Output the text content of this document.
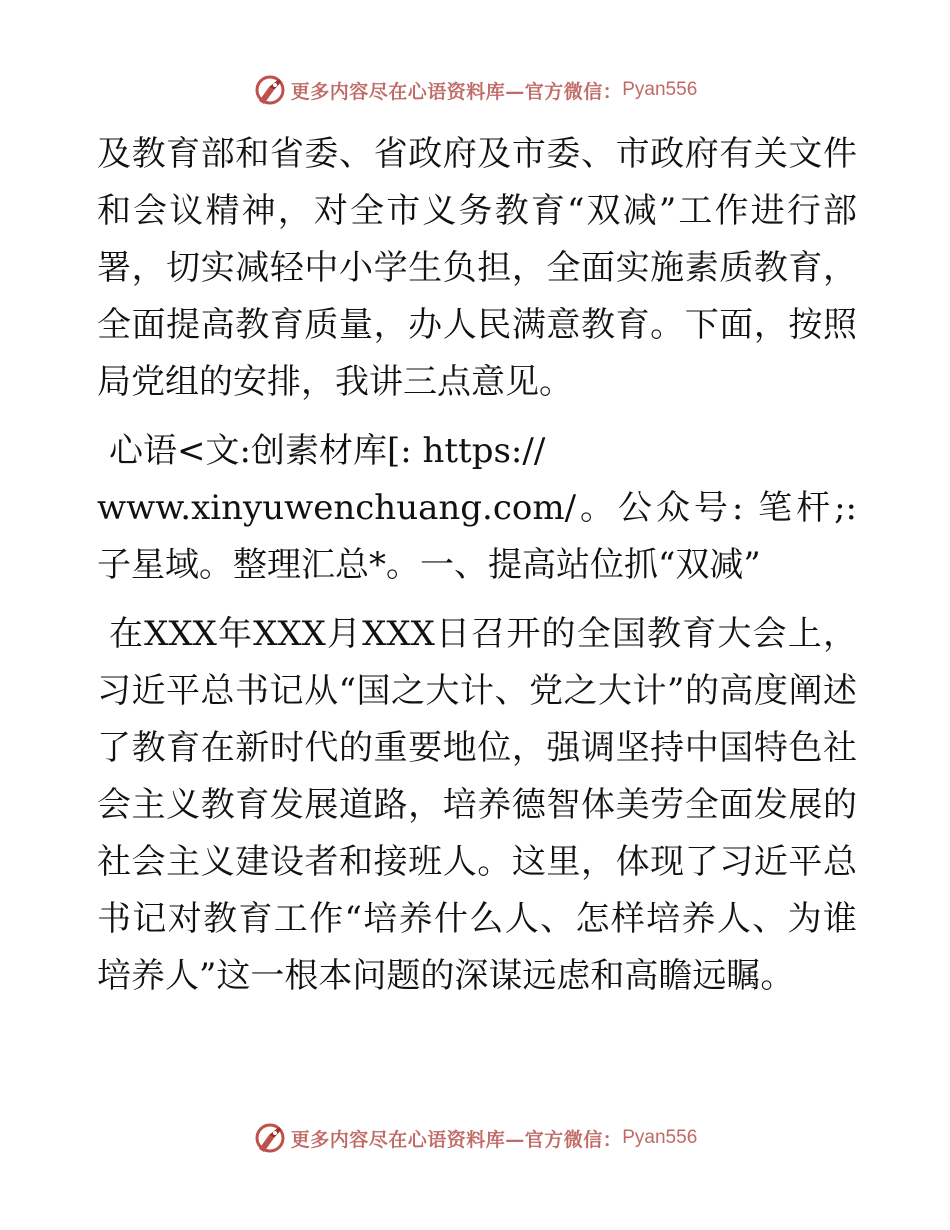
更多内容尽在心语资料库—官方微信： Pyan556

及教育部和省委、省政府及市委、市政府有关文件和会议精神，对全市义务教育“双减”工作进行部署，切实减轻中小学生负担，全面实施素质教育，全面提高教育质量，办人民满意教育。下面，按照局党组的安排，我讲三点意见。

心语<文:创素材库[: https://

www.xinyuwenchuang.com/。公众号: 笔杆;:子星域。整理汇总*。一、提高站位抓“双减”

在XXX年XXX月XXX日召开的全国教育大会上，习近平总书记从“国之大计、党之大计”的高度阐述了教育在新时代的重要地位，强调坚持中国特色社会主义教育发展道路，培养德智体美劳全面发展的社会主义建设者和接班人。这里，体现了习近平总书记对教育工作“培养什么人、怎样培养人、为谁培养人”这一根本问题的深谋远虑和高瞻远瞩。

更多内容尽在心语资料库—官方微信： Pyan556
